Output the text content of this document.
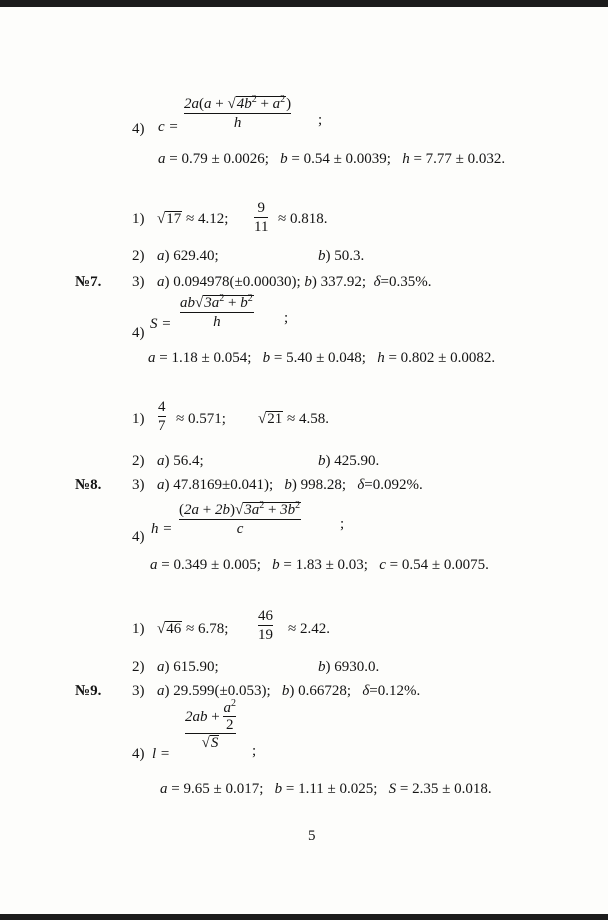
4) c =
$2a(a + √4b^2 + a^2)$
h	;
a = 0.79 ± 0.0026;   b = 0.54 ± 0.0039;   h = 7.77 ± 0.032.
1) √17 ≈ 4.12;
9
11 ≈ 0.818.
2) a) 629.40;	b) 50.3.
№7. 3) a) 0.094978(±0.00030); b) 337.92;  δ=0.35%.
4)
S =
$ab√3a^2 + b^2$
h	;
a = 1.18 ± 0.054;   b = 5.40 ± 0.048;   h = 0.802 ± 0.0082.
1)
4
7 ≈ 0.571; √21 ≈ 4.58.
2) a) 56.4;	b) 425.90.
№8. 3) a) 47.8169±0.041);   b) 998.28;   δ=0.092%.
4) h =
$(2a + 2b)√3a^2 + 3b^2$
c	;
a = 0.349 ± 0.005;   b = 1.83 ± 0.03;   c = 0.54 ± 0.0075.
1) √46 ≈ 6.78;
46
19 ≈ 2.42.
2) a) 615.90;	b) 6930.0.
№9. 3) a) 29.599(±0.053);   b) 0.66728;   δ=0.12%.
4) l =
$2ab + \frac{a^2}{2}$
√S	;
a = 9.65 ± 0.017;   b = 1.11 ± 0.025;   S = 2.35 ± 0.018.
5
